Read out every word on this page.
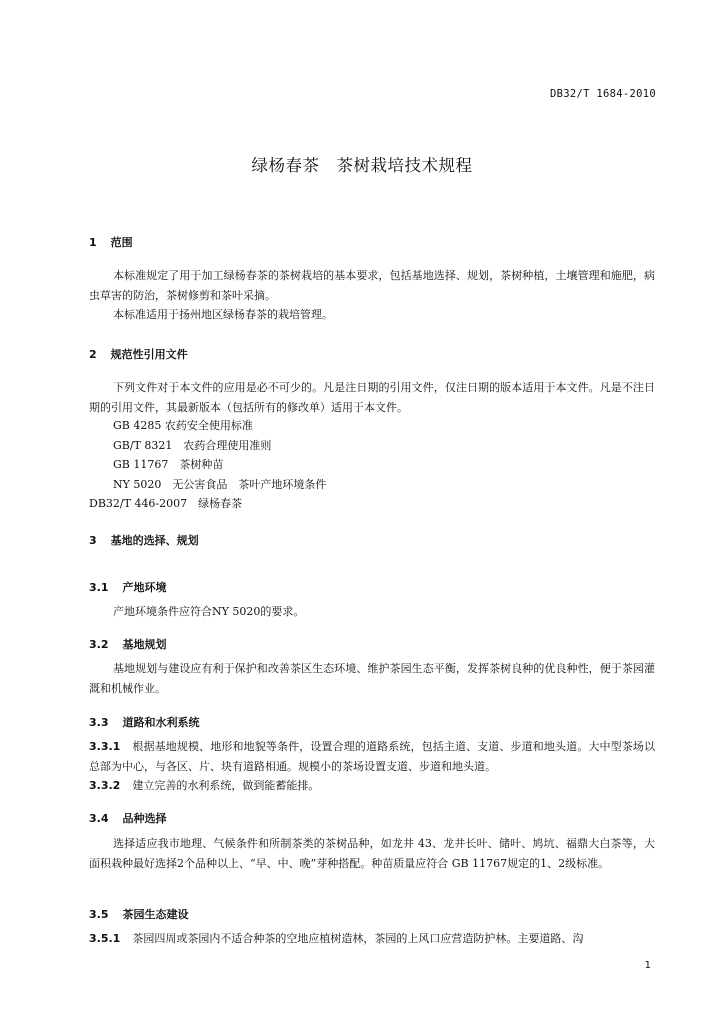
DB32/T 1684-2010
绿杨春茶　茶树栽培技术规程
1 范围
本标准规定了用于加工绿杨春茶的茶树栽培的基本要求，包括基地选择、规划，茶树种植，土壤管理和施肥，病虫草害的防治，茶树修剪和茶叶采摘。
本标准适用于扬州地区绿杨春茶的栽培管理。
2 规范性引用文件
下列文件对于本文件的应用是必不可少的。凡是注日期的引用文件，仅注日期的版本适用于本文件。凡是不注日期的引用文件，其最新版本（包括所有的修改单）适用于本文件。
GB 4285 农药安全使用标准
GB/T 8321　农药合理使用准则
GB 11767　茶树种苗
NY 5020　无公害食品　茶叶产地环境条件
DB32/T 446-2007　绿杨春茶
3 基地的选择、规划
3.1 产地环境
产地环境条件应符合NY 5020的要求。
3.2 基地规划
基地规划与建设应有利于保护和改善茶区生态环境、维护茶园生态平衡，发挥茶树良种的优良种性，便于茶园灌溉和机械作业。
3.3 道路和水利系统
3.3.1 根据基地规模、地形和地貌等条件，设置合理的道路系统，包括主道、支道、步道和地头道。大中型茶场以总部为中心，与各区、片、块有道路相通。规模小的茶场设置支道、步道和地头道。
3.3.2 建立完善的水利系统，做到能蓄能排。
3.4 品种选择
选择适应我市地理、气候条件和所制茶类的茶树品种，如龙井 43、龙井长叶、储叶、鸠坑、福鼎大白茶等，大面积栽种最好选择2个品种以上、“早、中、晚”芽种搭配。种苗质量应符合 GB 11767规定的1、2级标准。
3.5 茶园生态建设
3.5.1 茶园四周或茶园内不适合种茶的空地应植树造林，茶园的上风口应营造防护林。主要道路、沟
1
